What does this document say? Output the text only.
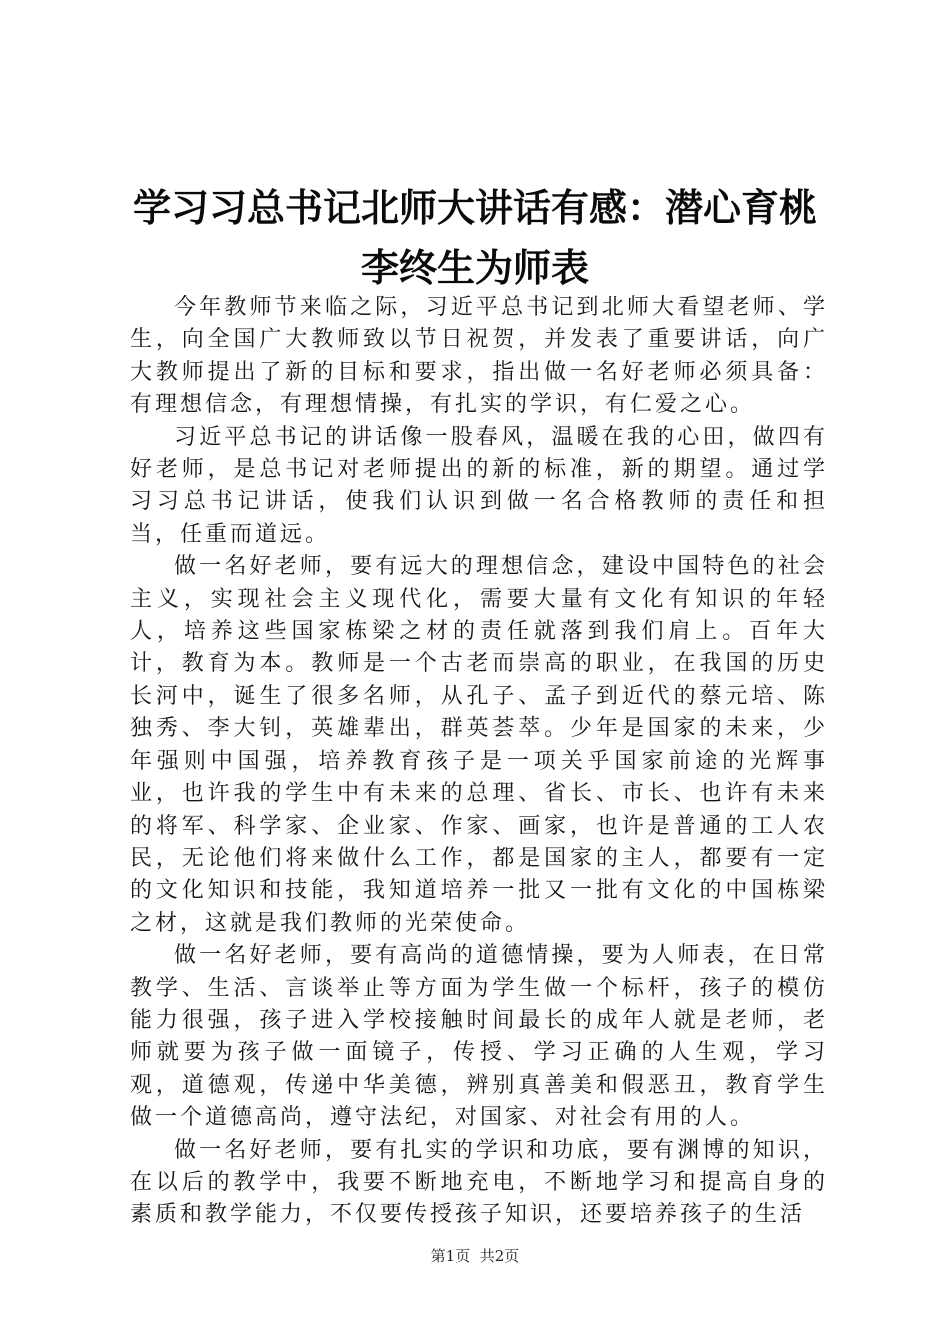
学习习总书记北师大讲话有感：潜心育桃李终生为师表

今年教师节来临之际，习近平总书记到北师大看望老师、学生，向全国广大教师致以节日祝贺，并发表了重要讲话，向广大教师提出了新的目标和要求，指出做一名好老师必须具备：有理想信念，有理想情操，有扎实的学识，有仁爱之心。

习近平总书记的讲话像一股春风，温暖在我的心田，做四有好老师，是总书记对老师提出的新的标准，新的期望。通过学习习总书记讲话，使我们认识到做一名合格教师的责任和担当，任重而道远。

做一名好老师，要有远大的理想信念，建设中国特色的社会主义，实现社会主义现代化，需要大量有文化有知识的年轻人，培养这些国家栋梁之材的责任就落到我们肩上。百年大计，教育为本。教师是一个古老而崇高的职业，在我国的历史长河中，诞生了很多名师，从孔子、孟子到近代的蔡元培、陈独秀、李大钊，英雄辈出，群英荟萃。少年是国家的未来，少年强则中国强，培养教育孩子是一项关乎国家前途的光辉事业，也许我的学生中有未来的总理、省长、市长、也许有未来的将军、科学家、企业家、作家、画家，也许是普通的工人农民，无论他们将来做什么工作，都是国家的主人，都要有一定的文化知识和技能，我知道培养一批又一批有文化的中国栋梁之材，这就是我们教师的光荣使命。

做一名好老师，要有高尚的道德情操，要为人师表，在日常教学、生活、言谈举止等方面为学生做一个标杆，孩子的模仿能力很强，孩子进入学校接触时间最长的成年人就是老师，老师就要为孩子做一面镜子，传授、学习正确的人生观，学习观，道德观，传递中华美德，辨别真善美和假恶丑，教育学生做一个道德高尚，遵守法纪，对国家、对社会有用的人。

做一名好老师，要有扎实的学识和功底，要有渊博的知识，在以后的教学中，我要不断地充电，不断地学习和提高自身的素质和教学能力，不仅要传授孩子知识，还要培养孩子的生活

第1页 共2页
